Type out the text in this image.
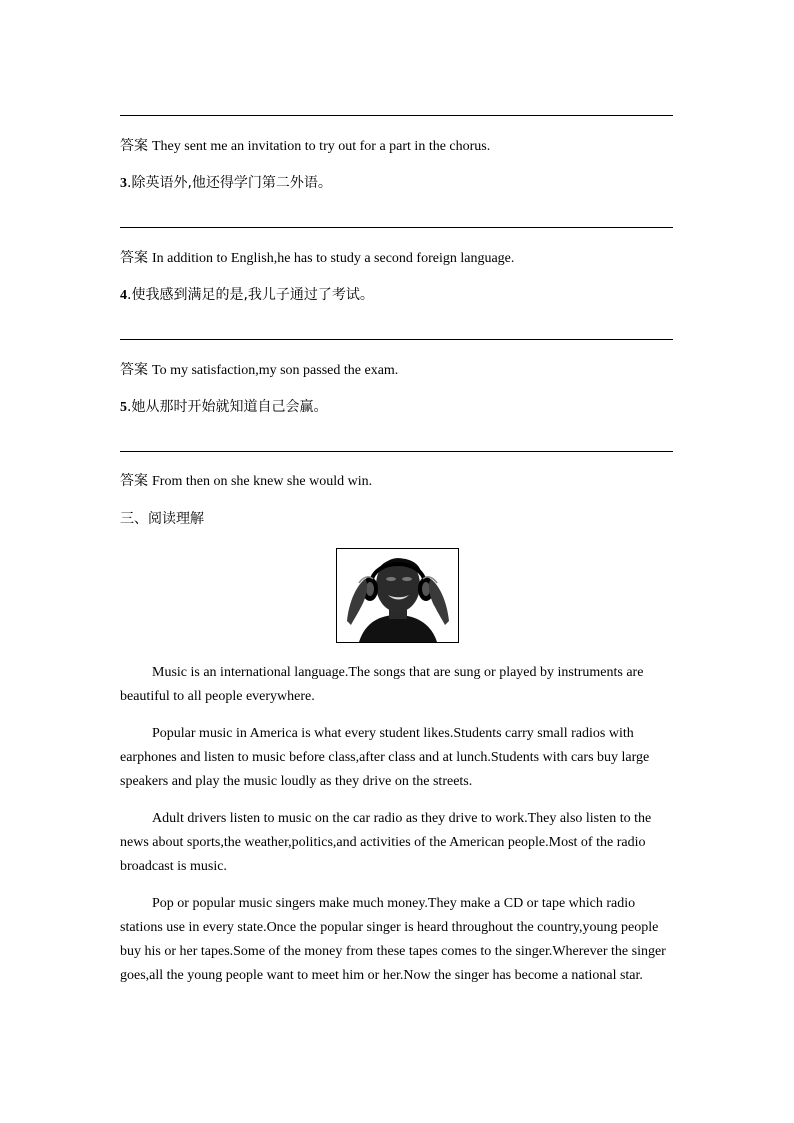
答案 They sent me an invitation to try out for a part in the chorus.
3.除英语外,他还得学门第二外语。
答案 In addition to English,he has to study a second foreign language.
4.使我感到满足的是,我儿子通过了考试。
答案 To my satisfaction,my son passed the exam.
5.她从那时开始就知道自己会赢。
答案 From then on she knew she would win.
三、阅读理解

Music is an international language.The songs that are sung or played by instruments are beautiful to all people everywhere.

Popular music in America is what every student likes.Students carry small radios with earphones and listen to music before class,after class and at lunch.Students with cars buy large speakers and play the music loudly as they drive on the streets.

Adult drivers listen to music on the car radio as they drive to work.They also listen to the news about sports,the weather,politics,and activities of the American people.Most of the radio broadcast is music.

Pop or popular music singers make much money.They make a CD or tape which radio stations use in every state.Once the popular singer is heard throughout the country,young people buy his or her tapes.Some of the money from these tapes comes to the singer.Wherever the singer goes,all the young people want to meet him or her.Now the singer has become a national star.
